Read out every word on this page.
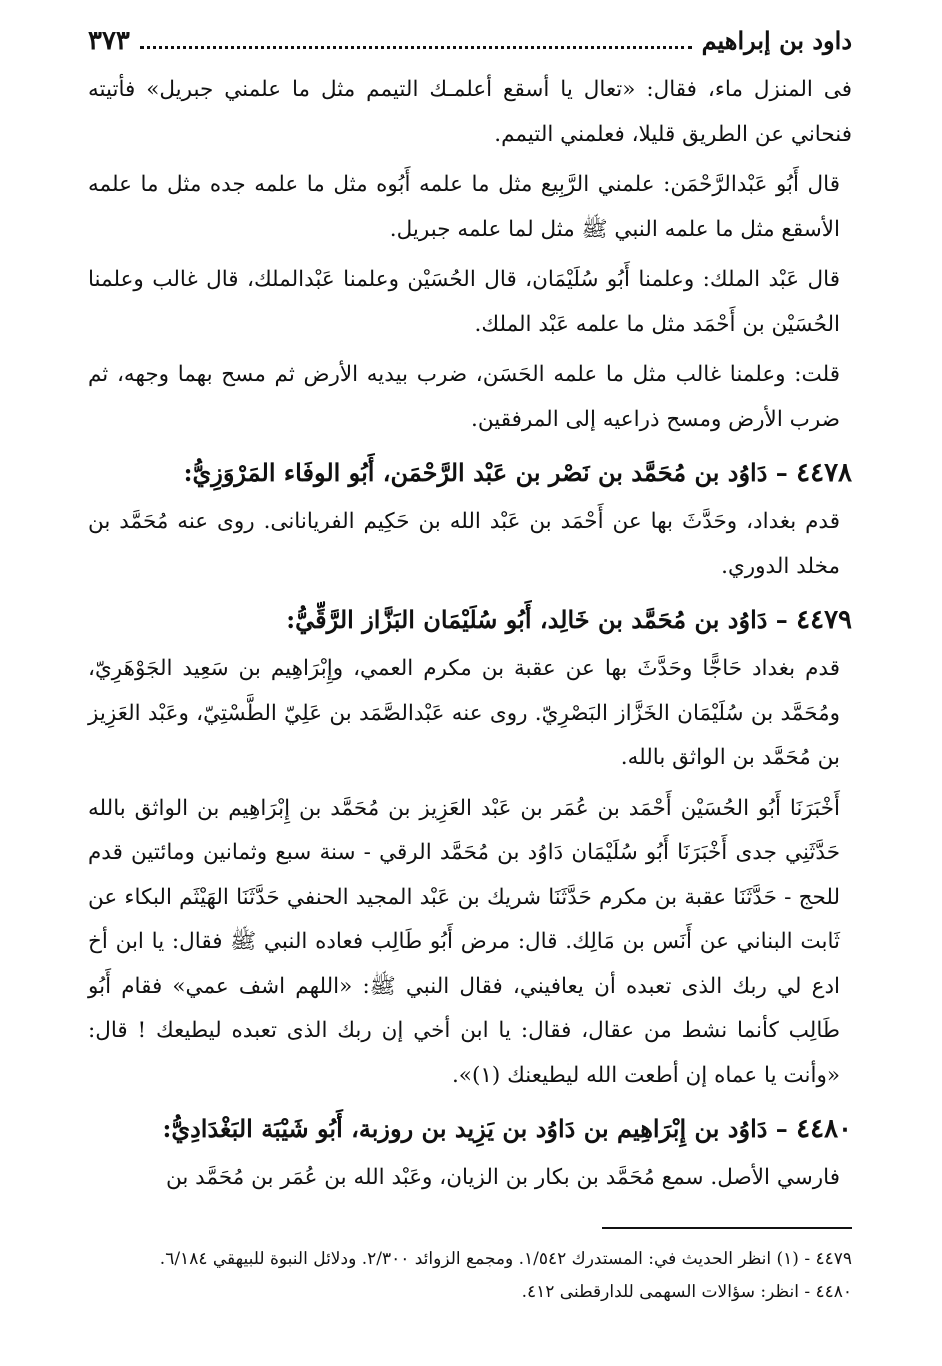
داود بن إبراهيم
٣٧٣

فى المنزل ماء، فقال: «تعال يا أسقع أعلمـك التيمم مثل ما علمني جبريل» فأتيته فنحاني عن الطريق قليلا، فعلمني التيمم.

قال أَبُو عَبْدالرَّحْمَن: علمني الرَّبِيع مثل ما علمه أَبُوه مثل ما علمه جده مثل ما علمه الأسقع مثل ما علمه النبي ﷺ مثل لما علمه جبريل.

قال عَبْد الملك: وعلمنا أَبُو سُلَيْمَان، قال الحُسَيْن وعلمنا عَبْدالملك، قال غالب وعلمنا الحُسَيْن بن أَحْمَد مثل ما علمه عَبْد الملك.

قلت: وعلمنا غالب مثل ما علمه الحَسَن، ضرب بيديه الأرض ثم مسح بهما وجهه، ثم ضرب الأرض ومسح ذراعيه إلى المرفقين.

٤٤٧٨ – دَاوُد بن مُحَمَّد بن نَصْر بن عَبْد الرَّحْمَن، أَبُو الوفَاء المَرْوَزِيُّ:

قدم بغداد، وحَدَّثَ بها عن أَحْمَد بن عَبْد الله بن حَكِيم الفريانانى. روى عنه مُحَمَّد بن مخلد الدوري.

٤٤٧٩ – دَاوُد بن مُحَمَّد بن خَالِد، أَبُو سُلَيْمَان البَزَّاز الرَّقِّيُّ:

قدم بغداد حَاجًّا وحَدَّثَ بها عن عقبة بن مكرم العمي، وإِبْرَاهِيم بن سَعِيد الجَوْهَرِيّ، ومُحَمَّد بن سُلَيْمَان الخَزَّاز البَصْرِيّ. روى عنه عَبْدالصَّمَد بن عَلِيّ الطَّسْتِيّ، وعَبْد العَزِيز بن مُحَمَّد بن الواثق بالله.

أَخْبَرَنَا أَبُو الحُسَيْن أَحْمَد بن عُمَر بن عَبْد العَزِيز بن مُحَمَّد بن إِبْرَاهِيم بن الواثق بالله حَدَّثَنِي جدى أَخْبَرَنَا أَبُو سُلَيْمَان دَاوُد بن مُحَمَّد الرقي - سنة سبع وثمانين ومائتين قدم للحج - حَدَّثَنَا عقبة بن مكرم حَدَّثَنَا شريك بن عَبْد المجيد الحنفي حَدَّثَنَا الهَيْثَم البكاء عن ثَابت البناني عن أَنَس بن مَالِك. قال: مرض أَبُو طَالِب فعاده النبي ﷺ فقال: يا ابن أخ ادع لي ربك الذى تعبده أن يعافيني، فقال النبي ﷺ: «اللهم اشف عمي» فقام أَبُو طَالِب كأنما نشط من عقال، فقال: يا ابن أخي إن ربك الذى تعبده ليطيعك ! قال: «وأنت يا عماه إن أطعت الله ليطيعنك (١)».

٤٤٨٠ – دَاوُد بن إِبْرَاهِيم بن دَاوُد بن يَزِيد بن روزبة، أَبُو شَيْبَة البَغْدَادِيُّ:

فارسي الأصل. سمع مُحَمَّد بن بكار بن الزيان، وعَبْد الله بن عُمَر بن مُحَمَّد بن

٤٤٧٩ - (١) انظر الحديث في: المستدرك ١/٥٤٢. ومجمع الزوائد ٢/٣٠٠. ودلائل النبوة للبيهقي ٦/١٨٤.

٤٤٨٠ - انظر: سؤالات السهمى للدارقطنى ٤١٢.
